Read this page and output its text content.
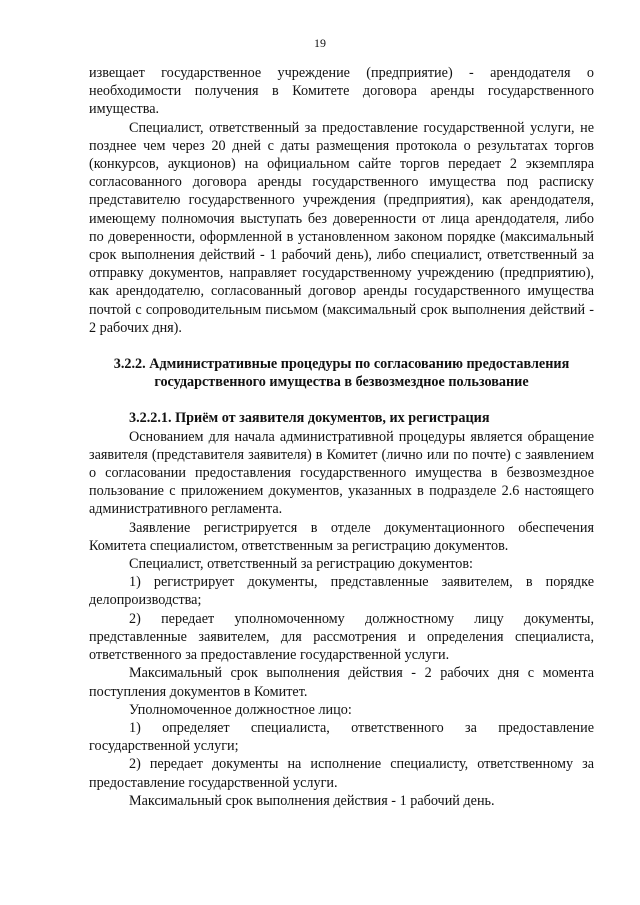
19

извещает государственное учреждение (предприятие) - арендодателя о необходимости получения в Комитете договора аренды государственного имущества.

Специалист, ответственный за предоставление государственной услуги, не позднее чем через 20 дней с даты размещения протокола о результатах торгов (конкурсов, аукционов) на официальном сайте торгов передает 2 экземпляра согласованного договора аренды государственного имущества под расписку представителю государственного учреждения (предприятия), как арендодателя, имеющему полномочия выступать без доверенности от лица арендодателя, либо по доверенности, оформленной в установленном законом порядке (максимальный срок выполнения действий - 1 рабочий день), либо специалист, ответственный за отправку документов, направляет государственному учреждению (предприятию), как арендодателю, согласованный договор аренды государственного имущества почтой с сопроводительным письмом (максимальный срок выполнения действий - 2 рабочих дня).

3.2.2. Административные процедуры по согласованию предоставления государственного имущества в безвозмездное пользование

3.2.2.1. Приём от заявителя документов, их регистрация

Основанием для начала административной процедуры является обращение заявителя (представителя заявителя) в Комитет (лично или по почте) с заявлением о согласовании предоставления государственного имущества в безвозмездное пользование с приложением документов, указанных в подразделе 2.6 настоящего административного регламента.

Заявление регистрируется в отделе документационного обеспечения Комитета специалистом, ответственным за регистрацию документов.

Специалист, ответственный за регистрацию документов:

1) регистрирует документы, представленные заявителем, в порядке делопроизводства;

2) передает уполномоченному должностному лицу документы, представленные заявителем, для рассмотрения и определения специалиста, ответственного за предоставление государственной услуги.

Максимальный срок выполнения действия - 2 рабочих дня с момента поступления документов в Комитет.

Уполномоченное должностное лицо:

1) определяет специалиста, ответственного за предоставление государственной услуги;

2) передает документы на исполнение специалисту, ответственному за предоставление государственной услуги.

Максимальный срок выполнения действия - 1 рабочий день.
